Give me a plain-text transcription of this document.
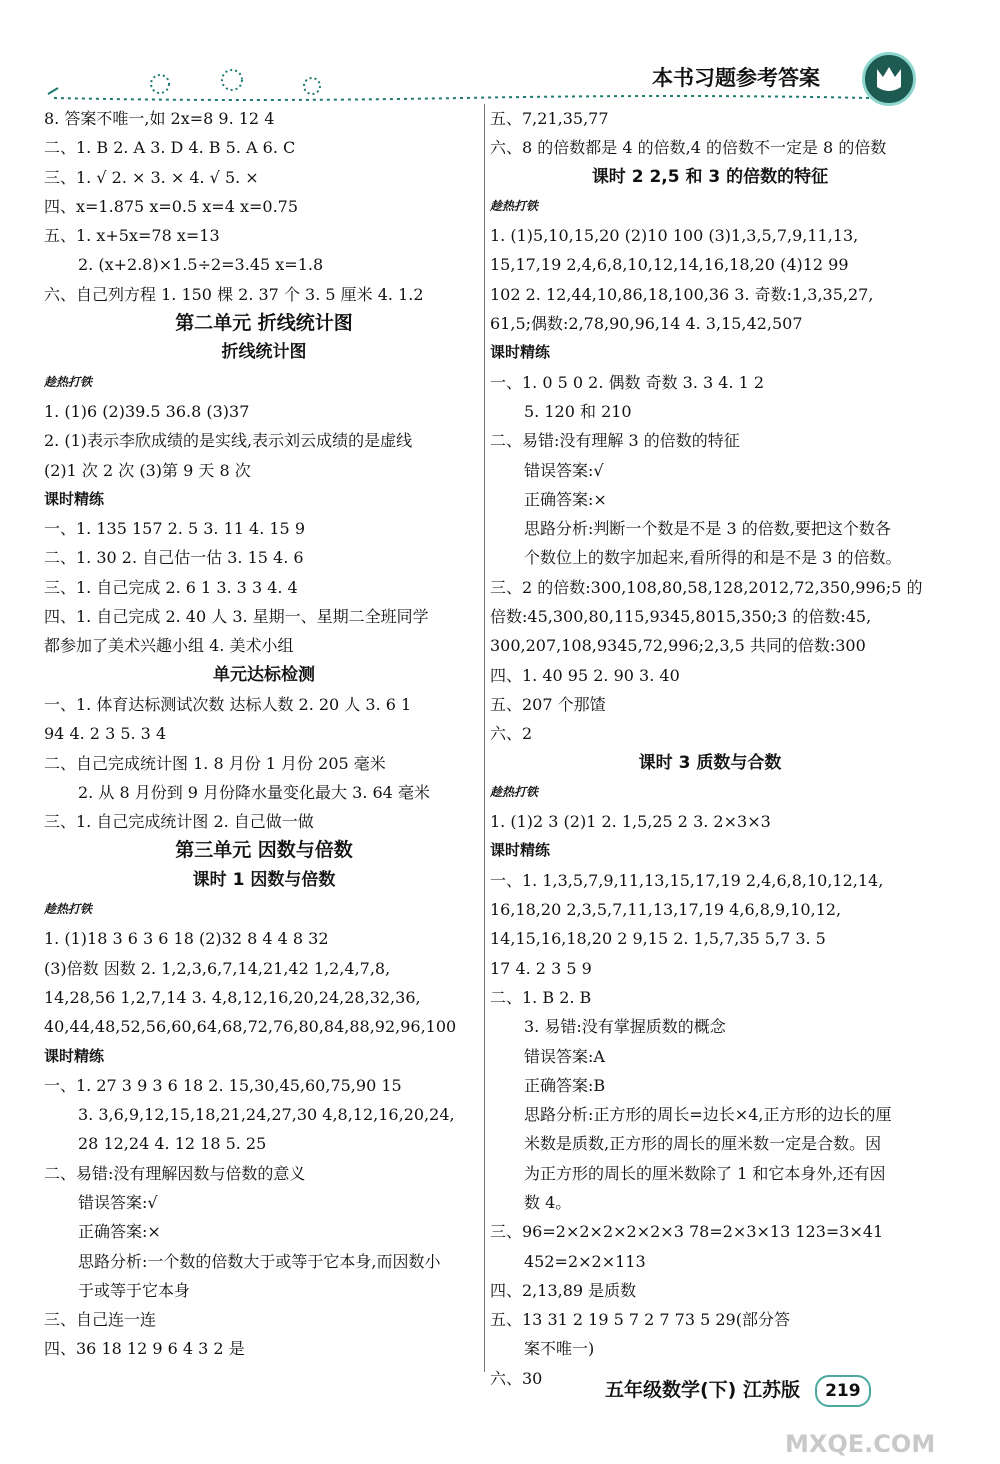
本书习题参考答案
8. 答案不唯一,如 2x=8 9. 12 4
二、1. B 2. A 3. D 4. B 5. A 6. C
三、1. √ 2. × 3. × 4. √ 5. ×
四、x=1.875 x=0.5 x=4 x=0.75
五、1. x+5x=78 x=13
2. (x+2.8)×1.5÷2=3.45 x=1.8
六、自己列方程 1. 150 棵 2. 37 个 3. 5 厘米 4. 1.2
第二单元 折线统计图
折线统计图
趁热打铁
1. (1)6 (2)39.5 36.8 (3)37
2. (1)表示李欣成绩的是实线,表示刘云成绩的是虚线
(2)1 次 2 次 (3)第 9 天 8 次
课时精练
一、1. 135 157 2. 5 3. 11 4. 15 9
二、1. 30 2. 自己估一估 3. 15 4. 6
三、1. 自己完成 2. 6 1 3. 3 3 4. 4
四、1. 自己完成 2. 40 人 3. 星期一、星期二全班同学
都参加了美术兴趣小组 4. 美术小组
单元达标检测
一、1. 体育达标测试次数 达标人数 2. 20 人 3. 6 1
94 4. 2 3 5. 3 4
二、自己完成统计图 1. 8 月份 1 月份 205 毫米
2. 从 8 月份到 9 月份降水量变化最大 3. 64 毫米
三、1. 自己完成统计图 2. 自己做一做
第三单元 因数与倍数
课时 1 因数与倍数
趁热打铁
1. (1)18 3 6 3 6 18 (2)32 8 4 4 8 32
(3)倍数 因数 2. 1,2,3,6,7,14,21,42 1,2,4,7,8,
14,28,56 1,2,7,14 3. 4,8,12,16,20,24,28,32,36,
40,44,48,52,56,60,64,68,72,76,80,84,88,92,96,100
课时精练
一、1. 27 3 9 3 6 18 2. 15,30,45,60,75,90 15
3. 3,6,9,12,15,18,21,24,27,30 4,8,12,16,20,24,
28 12,24 4. 12 18 5. 25
二、易错:没有理解因数与倍数的意义
错误答案:√
正确答案:×
思路分析:一个数的倍数大于或等于它本身,而因数小
于或等于它本身
三、自己连一连
四、36 18 12 9 6 4 3 2 是
五、7,21,35,77
六、8 的倍数都是 4 的倍数,4 的倍数不一定是 8 的倍数
课时 2 2,5 和 3 的倍数的特征
趁热打铁
1. (1)5,10,15,20 (2)10 100 (3)1,3,5,7,9,11,13,
15,17,19 2,4,6,8,10,12,14,16,18,20 (4)12 99
102 2. 12,44,10,86,18,100,36 3. 奇数:1,3,35,27,
61,5;偶数:2,78,90,96,14 4. 3,15,42,507
课时精练
一、1. 0 5 0 2. 偶数 奇数 3. 3 4. 1 2
5. 120 和 210
二、易错:没有理解 3 的倍数的特征
错误答案:√
正确答案:×
思路分析:判断一个数是不是 3 的倍数,要把这个数各
个数位上的数字加起来,看所得的和是不是 3 的倍数。
三、2 的倍数:300,108,80,58,128,2012,72,350,996;5 的
倍数:45,300,80,115,9345,8015,350;3 的倍数:45,
300,207,108,9345,72,996;2,3,5 共同的倍数:300
四、1. 40 95 2. 90 3. 40
五、207 个那馇
六、2
课时 3 质数与合数
趁热打铁
1. (1)2 3 (2)1 2. 1,5,25 2 3. 2×3×3
课时精练
一、1. 1,3,5,7,9,11,13,15,17,19 2,4,6,8,10,12,14,
16,18,20 2,3,5,7,11,13,17,19 4,6,8,9,10,12,
14,15,16,18,20 2 9,15 2. 1,5,7,35 5,7 3. 5
17 4. 2 3 5 9
二、1. B 2. B
3. 易错:没有掌握质数的概念
错误答案:A
正确答案:B
思路分析:正方形的周长=边长×4,正方形的边长的厘
米数是质数,正方形的周长的厘米数一定是合数。因
为正方形的周长的厘米数除了 1 和它本身外,还有因
数 4。
三、96=2×2×2×2×2×3 78=2×3×13 123=3×41
452=2×2×113
四、2,13,89 是质数
五、13 31 2 19 5 7 2 7 73 5 29(部分答
案不唯一)
六、30
五年级数学(下) 江苏版 219
MXQE.COM
